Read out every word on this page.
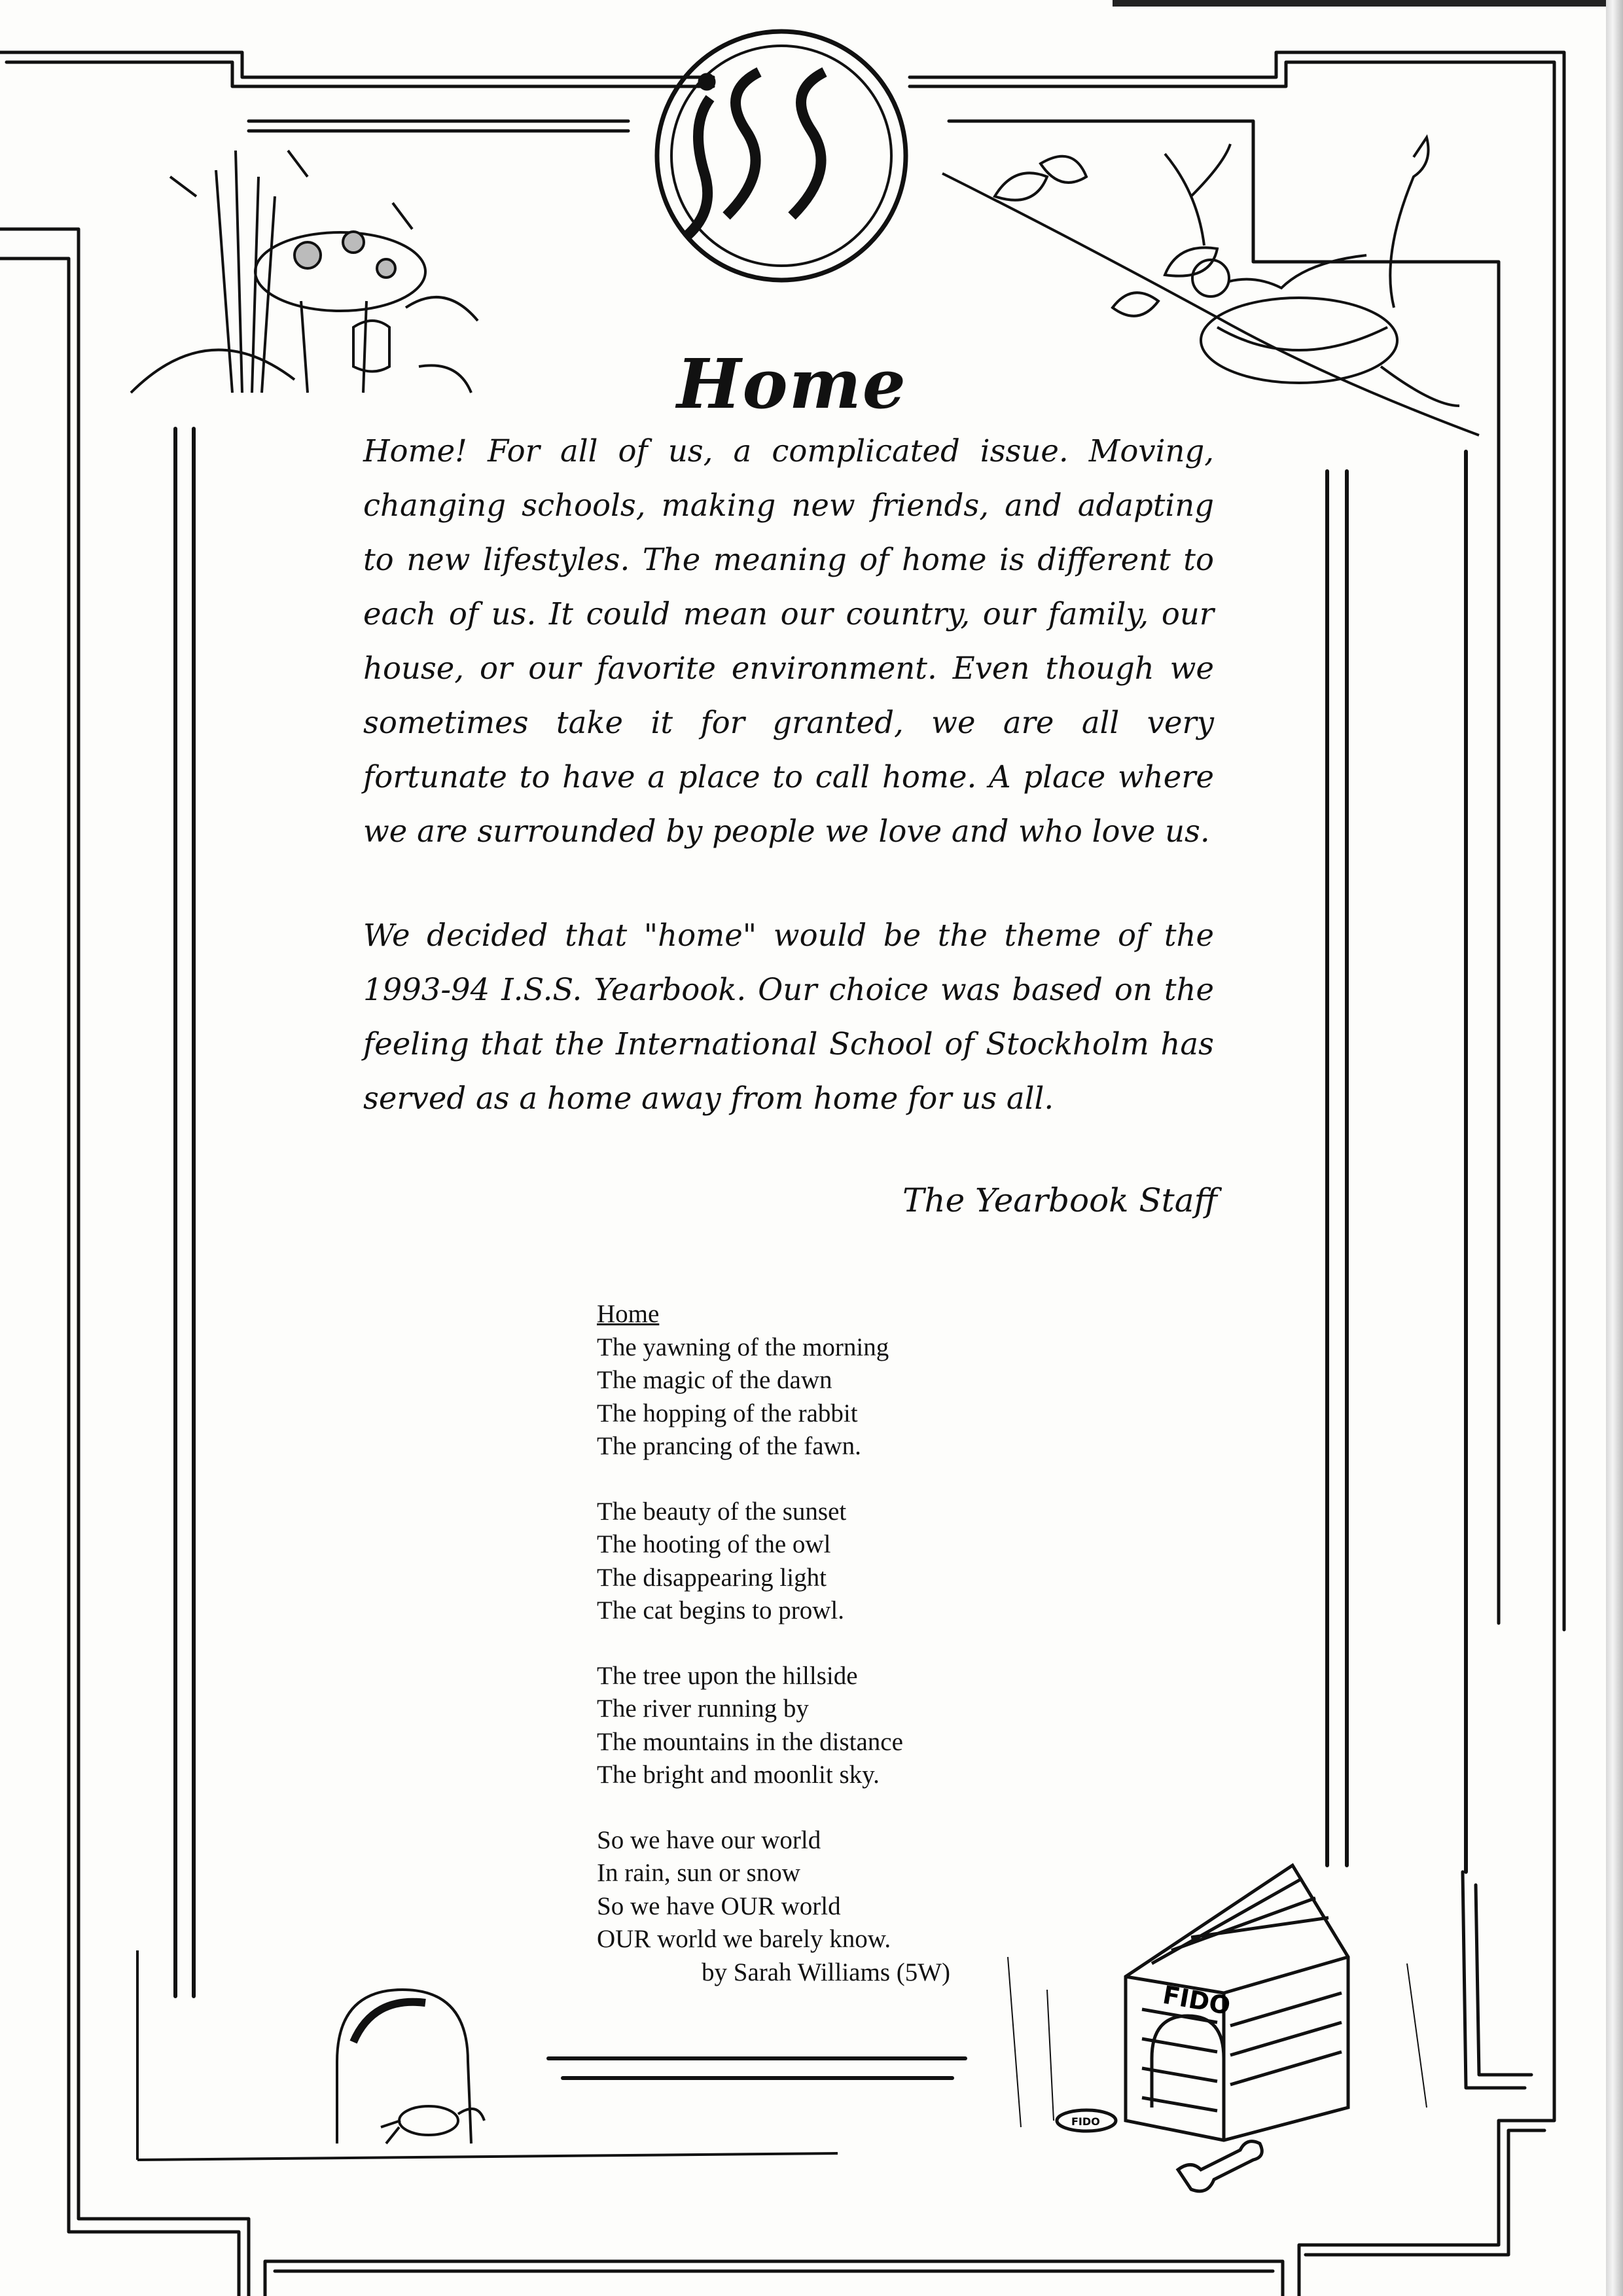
FIDO
FIDO
Home

Home! For all of us, a complicated issue. Moving, changing schools, making new friends, and adapting to new lifestyles. The meaning of home is different to each of us. It could mean our country, our family, our house, or our favorite environment. Even though we sometimes take it for granted, we are all very fortunate to have a place to call home. A place where we are surrounded by people we love and who love us.

We decided that "home" would be the theme of the 1993-94 I.S.S. Yearbook. Our choice was based on the feeling that the International School of Stockholm has served as a home away from home for us all.

The Yearbook Staff
Home
The yawning of the morning
The magic of the dawn
The hopping of the rabbit
The prancing of the fawn.
The beauty of the sunset
The hooting of the owl
The disappearing light
The cat begins to prowl.
The tree upon the hillside
The river running by
The mountains in the distance
The bright and moonlit sky.
So we have our world
In rain, sun or snow
So we have OUR world
OUR world we barely know.
by Sarah Williams (5W)
